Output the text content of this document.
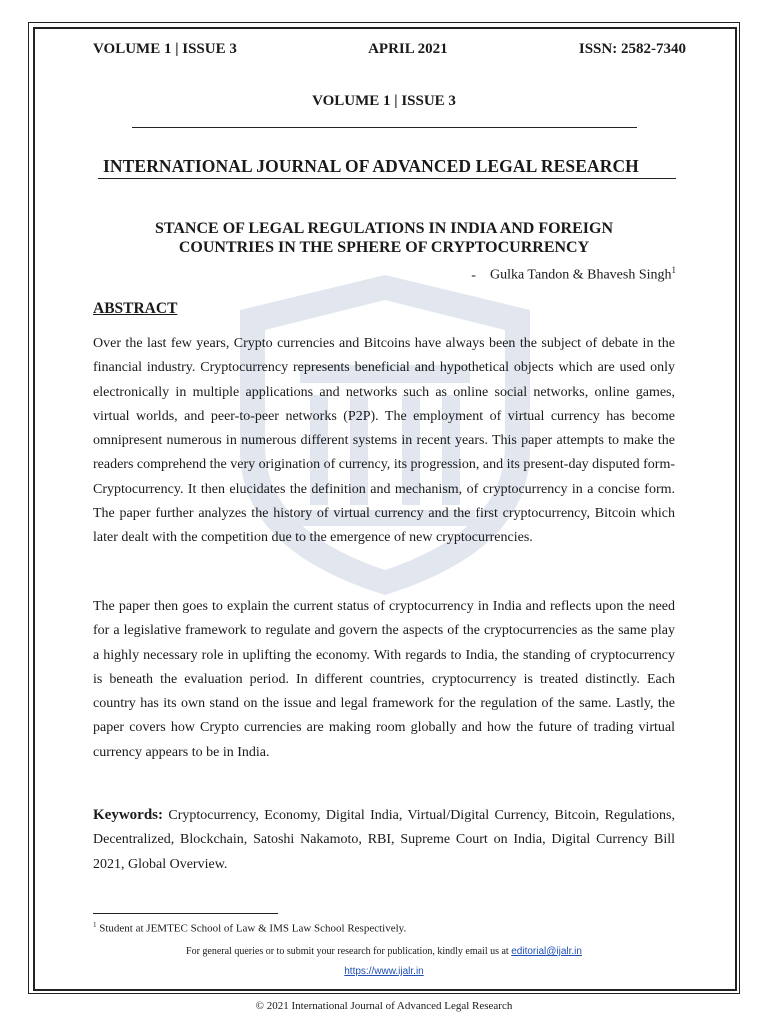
VOLUME 1 | ISSUE 3	APRIL 2021	ISSN: 2582-7340
VOLUME 1 | ISSUE 3
INTERNATIONAL JOURNAL OF ADVANCED LEGAL RESEARCH
STANCE OF LEGAL REGULATIONS IN INDIA AND FOREIGN
COUNTRIES IN THE SPHERE OF CRYPTOCURRENCY
- Gulka Tandon & Bhavesh Singh$^1$
ABSTRACT
Over the last few years, Crypto currencies and Bitcoins have always been the subject of debate in the financial industry. Cryptocurrency represents beneficial and hypothetical objects which are used only electronically in multiple applications and networks such as online social networks, online games, virtual worlds, and peer-to-peer networks (P2P). The employment of virtual currency has become omnipresent numerous in numerous different systems in recent years. This paper attempts to make the readers comprehend the very origination of currency, its progression, and its present-day disputed form- Cryptocurrency. It then elucidates the definition and mechanism, of cryptocurrency in a concise form. The paper further analyzes the history of virtual currency and the first cryptocurrency, Bitcoin which later dealt with the competition due to the emergence of new cryptocurrencies.
The paper then goes to explain the current status of cryptocurrency in India and reflects upon the need for a legislative framework to regulate and govern the aspects of the cryptocurrencies as the same play a highly necessary role in uplifting the economy. With regards to India, the standing of cryptocurrency is beneath the evaluation period. In different countries, cryptocurrency is treated distinctly. Each country has its own stand on the issue and legal framework for the regulation of the same. Lastly, the paper covers how Crypto currencies are making room globally and how the future of trading virtual currency appears to be in India.
Keywords: Cryptocurrency, Economy, Digital India, Virtual/Digital Currency, Bitcoin, Regulations, Decentralized, Blockchain, Satoshi Nakamoto, RBI, Supreme Court on India, Digital Currency Bill 2021, Global Overview.
$^1$ Student at JEMTEC School of Law & IMS Law School Respectively.
For general queries or to submit your research for publication, kindly email us at editorial@ijalr.in
https://www.ijalr.in
© 2021 International Journal of Advanced Legal Research
